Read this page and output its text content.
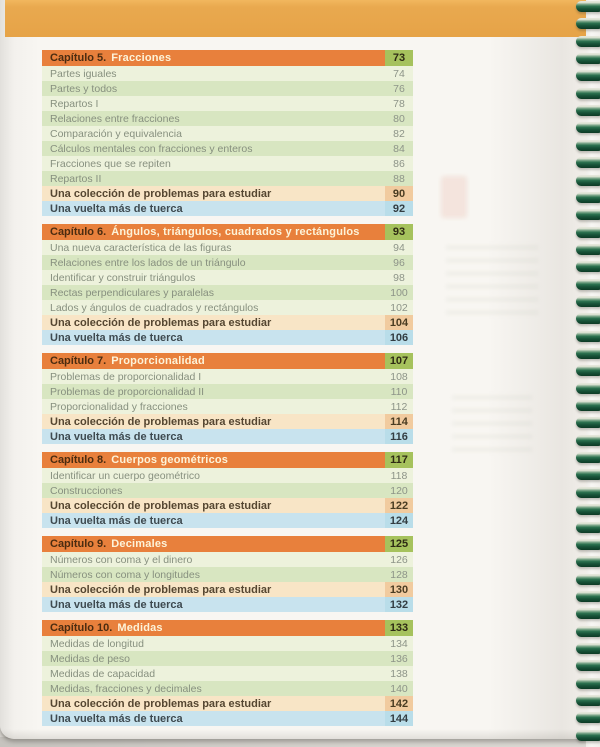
Capítulo 5. Fracciones	73
Partes iguales	74
Partes y todos	76
Repartos I	78
Relaciones entre fracciones	80
Comparación y equivalencia	82
Cálculos mentales con fracciones y enteros	84
Fracciones que se repiten	86
Repartos II	88
Una colección de problemas para estudiar	90
Una vuelta más de tuerca	92
Capítulo 6. Ángulos, triángulos, cuadrados y rectángulos	93
Una nueva característica de las figuras	94
Relaciones entre los lados de un triángulo	96
Identificar y construir triángulos	98
Rectas perpendiculares y paralelas	100
Lados y ángulos de cuadrados y rectángulos	102
Una colección de problemas para estudiar	104
Una vuelta más de tuerca	106
Capítulo 7. Proporcionalidad	107
Problemas de proporcionalidad I	108
Problemas de proporcionalidad II	110
Proporcionalidad y fracciones	112
Una colección de problemas para estudiar	114
Una vuelta más de tuerca	116
Capítulo 8. Cuerpos geométricos	117
Identificar un cuerpo geométrico	118
Construcciones	120
Una colección de problemas para estudiar	122
Una vuelta más de tuerca	124
Capítulo 9. Decimales	125
Números con coma y el dinero	126
Números con coma y longitudes	128
Una colección de problemas para estudiar	130
Una vuelta más de tuerca	132
Capítulo 10. Medidas	133
Medidas de longitud	134
Medidas de peso	136
Medidas de capacidad	138
Medidas, fracciones y decimales	140
Una colección de problemas para estudiar	142
Una vuelta más de tuerca	144
